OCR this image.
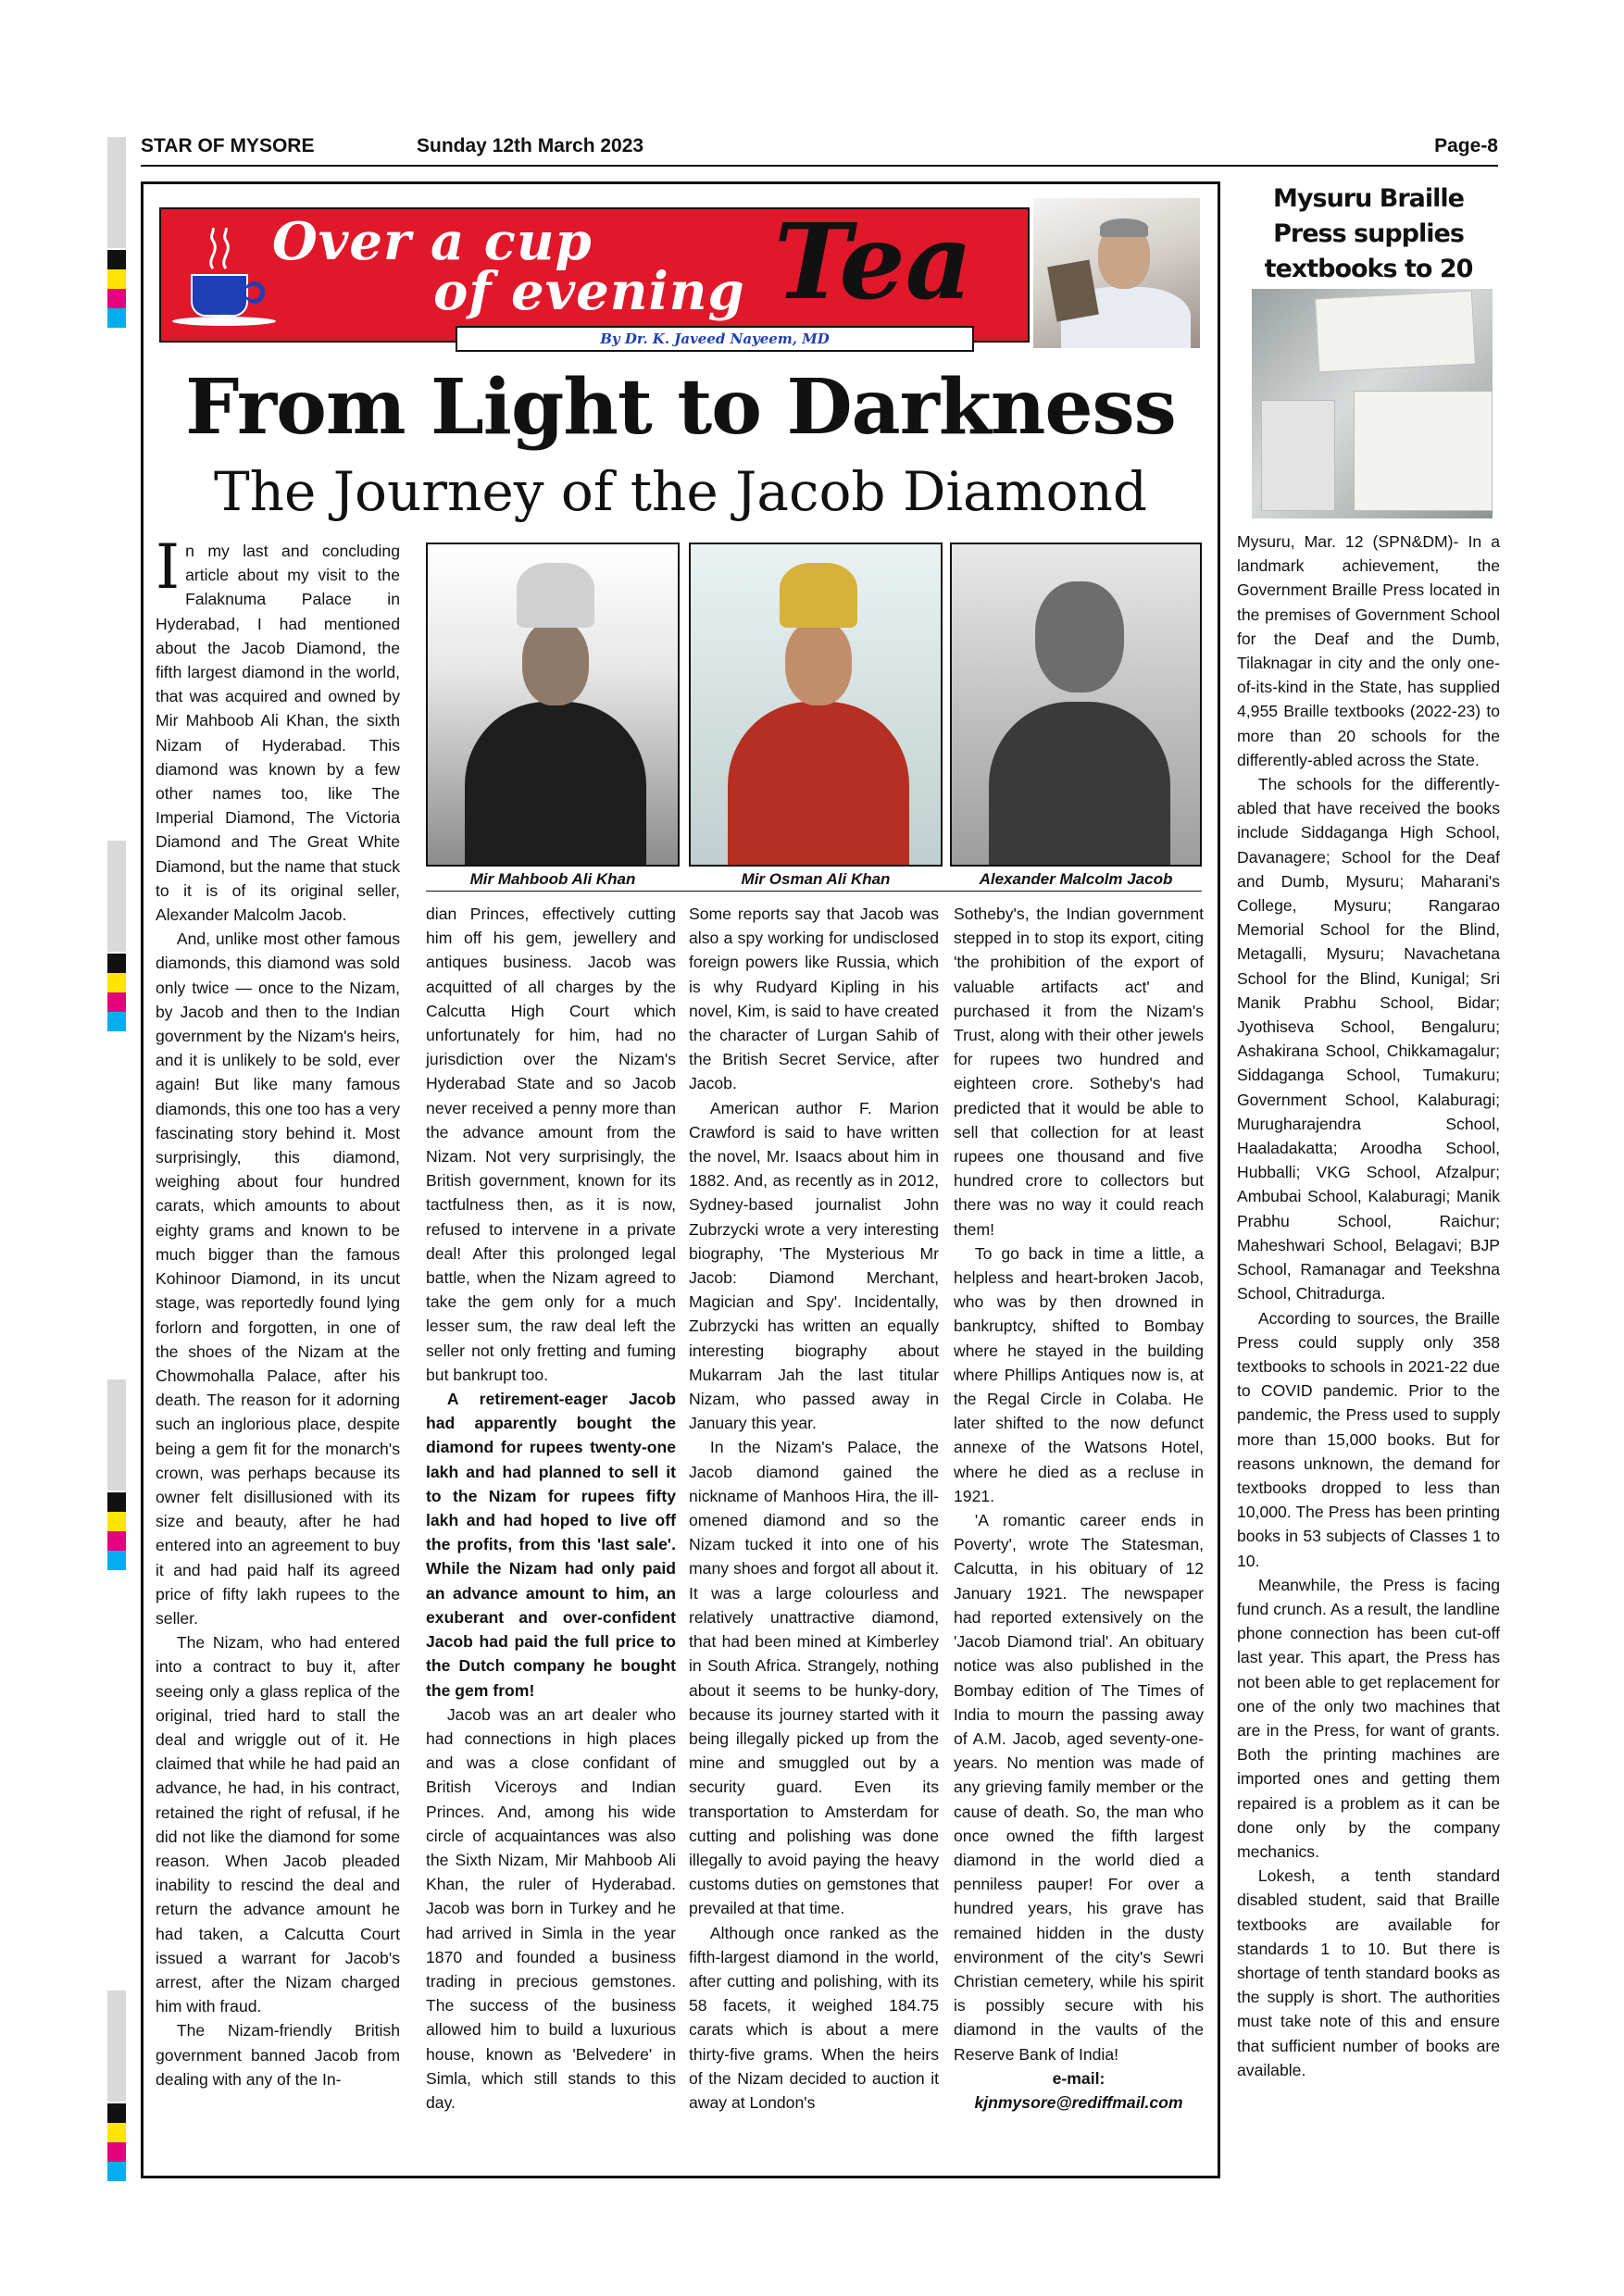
STAR OF MYSORE	Sunday 12th March 2023	Page-8
Over a cup
of evening Tea
By Dr. K. Javeed Nayeem, MD
From Light to Darkness
The Journey of the Jacob Diamond
Mir Mahboob Ali Khan	Mir Osman Ali Khan	Alexander Malcolm Jacob

In my last and concluding article about my visit to the Falaknuma Palace in Hyderabad, I had mentioned about the Jacob Diamond, the fifth largest diamond in the world, that was acquired and owned by Mir Mahboob Ali Khan, the sixth Nizam of Hyderabad. This diamond was known by a few other names too, like The Imperial Diamond, The Victoria Diamond and The Great White Diamond, but the name that stuck to it is of its original seller, Alexander Malcolm Jacob.

And, unlike most other famous diamonds, this diamond was sold only twice — once to the Nizam, by Jacob and then to the Indian government by the Nizam's heirs, and it is unlikely to be sold, ever again! But like many famous diamonds, this one too has a very fascinating story behind it. Most surprisingly, this diamond, weighing about four hundred carats, which amounts to about eighty grams and known to be much bigger than the famous Kohinoor Diamond, in its uncut stage, was reportedly found lying forlorn and forgotten, in one of the shoes of the Nizam at the Chowmohalla Palace, after his death. The reason for it adorning such an inglorious place, despite being a gem fit for the monarch's crown, was perhaps because its owner felt disillusioned with its size and beauty, after he had entered into an agreement to buy it and had paid half its agreed price of fifty lakh rupees to the seller.

The Nizam, who had entered into a contract to buy it, after seeing only a glass replica of the original, tried hard to stall the deal and wriggle out of it. He claimed that while he had paid an advance, he had, in his contract, retained the right of refusal, if he did not like the diamond for some reason. When Jacob pleaded inability to rescind the deal and return the advance amount he had taken, a Calcutta Court issued a warrant for Jacob's arrest, after the Nizam charged him with fraud.

The Nizam-friendly British government banned Jacob from dealing with any of the In-

dian Princes, effectively cutting him off his gem, jewellery and antiques business. Jacob was acquitted of all charges by the Calcutta High Court which unfortunately for him, had no jurisdiction over the Nizam's Hyderabad State and so Jacob never received a penny more than the advance amount from the Nizam. Not very surprisingly, the British government, known for its tactfulness then, as it is now, refused to intervene in a private deal! After this prolonged legal battle, when the Nizam agreed to take the gem only for a much lesser sum, the raw deal left the seller not only fretting and fuming but bankrupt too.

A retirement-eager Jacob had apparently bought the diamond for rupees twenty-one lakh and had planned to sell it to the Nizam for rupees fifty lakh and had hoped to live off the profits, from this 'last sale'. While the Nizam had only paid an advance amount to him, an exuberant and over-confident Jacob had paid the full price to the Dutch company he bought the gem from!

Jacob was an art dealer who had connections in high places and was a close confidant of British Viceroys and Indian Princes. And, among his wide circle of acquaintances was also the Sixth Nizam, Mir Mahboob Ali Khan, the ruler of Hyderabad. Jacob was born in Turkey and he had arrived in Simla in the year 1870 and founded a business trading in precious gemstones. The success of the business allowed him to build a luxurious house, known as 'Belvedere' in Simla, which still stands to this day.

Some reports say that Jacob was also a spy working for undisclosed foreign powers like Russia, which is why Rudyard Kipling in his novel, Kim, is said to have created the character of Lurgan Sahib of the British Secret Service, after Jacob.

American author F. Marion Crawford is said to have written the novel, Mr. Isaacs about him in 1882. And, as recently as in 2012, Sydney-based journalist John Zubrzycki wrote a very interesting biography, 'The Mysterious Mr Jacob: Diamond Merchant, Magician and Spy'. Incidentally, Zubrzycki has written an equally interesting biography about Mukarram Jah the last titular Nizam, who passed away in January this year.

In the Nizam's Palace, the Jacob diamond gained the nickname of Manhoos Hira, the ill-omened diamond and so the Nizam tucked it into one of his many shoes and forgot all about it. It was a large colourless and relatively unattractive diamond, that had been mined at Kimberley in South Africa. Strangely, nothing about it seems to be hunky-dory, because its journey started with it being illegally picked up from the mine and smuggled out by a security guard. Even its transportation to Amsterdam for cutting and polishing was done illegally to avoid paying the heavy customs duties on gemstones that prevailed at that time.

Although once ranked as the fifth-largest diamond in the world, after cutting and polishing, with its 58 facets, it weighed 184.75 carats which is about a mere thirty-five grams. When the heirs of the Nizam decided to auction it away at London's

Sotheby's, the Indian government stepped in to stop its export, citing 'the prohibition of the export of valuable artifacts act' and purchased it from the Nizam's Trust, along with their other jewels for rupees two hundred and eighteen crore. Sotheby's had predicted that it would be able to sell that collection for at least rupees one thousand and five hundred crore to collectors but there was no way it could reach them!

To go back in time a little, a helpless and heart-broken Jacob, who was by then drowned in bankruptcy, shifted to Bombay where he stayed in the building where Phillips Antiques now is, at the Regal Circle in Colaba. He later shifted to the now defunct annexe of the Watsons Hotel, where he died as a recluse in 1921.

'A romantic career ends in Poverty', wrote The Statesman, Calcutta, in his obituary of 12 January 1921. The newspaper had reported extensively on the 'Jacob Diamond trial'. An obituary notice was also published in the Bombay edition of The Times of India to mourn the passing away of A.M. Jacob, aged seventy-one-years. No mention was made of any grieving family member or the cause of death. So, the man who once owned the fifth largest diamond in the world died a penniless pauper! For over a hundred years, his grave has remained hidden in the dusty environment of the city's Sewri Christian cemetery, while his spirit is possibly secure with his diamond in the vaults of the Reserve Bank of India!

e-mail:

kjnmysore@rediffmail.com

Mysuru Braille Press supplies textbooks to 20

Mysuru, Mar. 12 (SPN&DM)- In a landmark achievement, the Government Braille Press located in the premises of Government School for the Deaf and the Dumb, Tilaknagar in city and the only one-of-its-kind in the State, has supplied 4,955 Braille textbooks (2022-23) to more than 20 schools for the differently-abled across the State.

The schools for the differently-abled that have received the books include Siddaganga High School, Davanagere; School for the Deaf and Dumb, Mysuru; Maharani's College, Mysuru; Rangarao Memorial School for the Blind, Metagalli, Mysuru; Navachetana School for the Blind, Kunigal; Sri Manik Prabhu School, Bidar; Jyothiseva School, Bengaluru; Ashakirana School, Chikkamagalur; Siddaganga School, Tumakuru; Government School, Kalaburagi; Murugharajendra School, Haaladakatta; Aroodha School, Hubballi; VKG School, Afzalpur; Ambubai School, Kalaburagi; Manik Prabhu School, Raichur; Maheshwari School, Belagavi; BJP School, Ramanagar and Teekshna School, Chitradurga.

According to sources, the Braille Press could supply only 358 textbooks to schools in 2021-22 due to COVID pandemic. Prior to the pandemic, the Press used to supply more than 15,000 books. But for reasons unknown, the demand for textbooks dropped to less than 10,000. The Press has been printing books in 53 subjects of Classes 1 to 10.

Meanwhile, the Press is facing fund crunch. As a result, the landline phone connection has been cut-off last year. This apart, the Press has not been able to get replacement for one of the only two machines that are in the Press, for want of grants. Both the printing machines are imported ones and getting them repaired is a problem as it can be done only by the company mechanics.

Lokesh, a tenth standard disabled student, said that Braille textbooks are available for standards 1 to 10. But there is shortage of tenth standard books as the supply is short. The authorities must take note of this and ensure that sufficient number of books are available.
